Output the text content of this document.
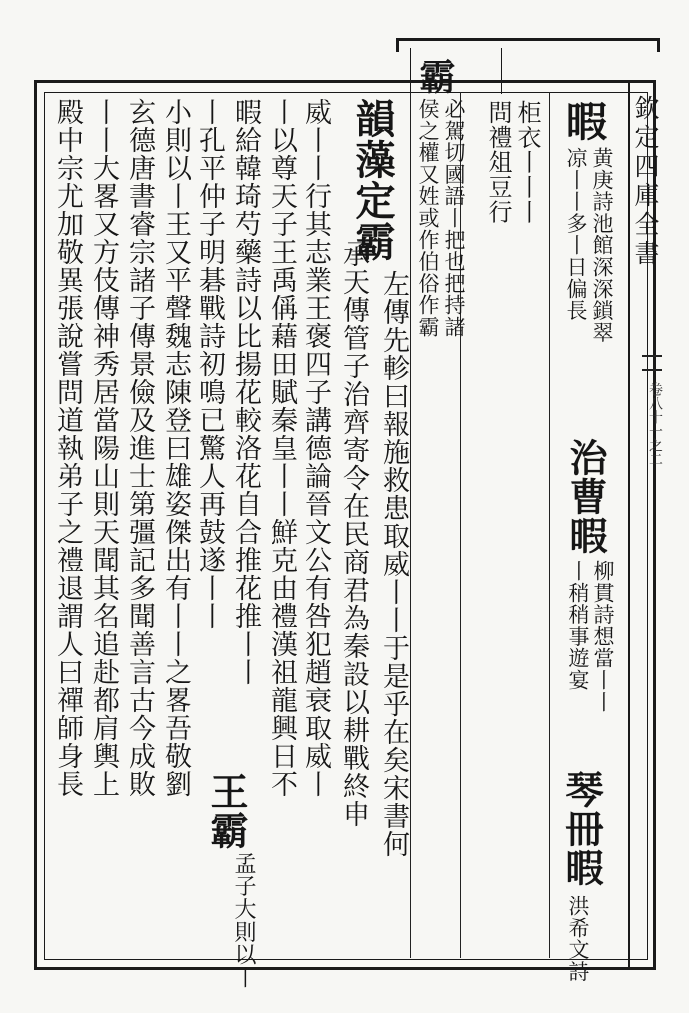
欽定四庫全書
卷八十一之二
暇
凉丨丨多丨日偏長 黄庚詩池館深深鎖翠
治曹暇
丨稍稍事遊宴 柳貫詩想當丨丨
琴冊暇
洪希文詩
柜衣丨丨丨
問禮俎豆行
霸
必駕切國語丨把也把持諸
侯之權又姓或作伯俗作霸
韻藻定霸
左傳先軫曰報施救患取威丨丨于是乎在矣宋書何
承天傳管子治齊寄令在民商君為秦設以耕戰終申
威丨丨行其志業王褒四子講德論晉文公有咎犯趙衰取威丨
丨以尊天子王禹偁藉田賦秦皇丨丨鮮克由禮漢祖龍興日不
暇給韓琦芍藥詩以比揚花較洛花自合推花推丨丨
丨孔平仲子明碁戰詩初鳴已驚人再鼓遂丨丨
王霸
孟子大則以丨
小則以丨王又平聲魏志陳登曰雄姿傑出有丨丨之畧吾敬劉
玄德唐書睿宗諸子傳景儉及進士第彊記多聞善言古今成敗
丨丨大畧又方伎傳神秀居當陽山則天聞其名追赴都肩輿上
殿中宗尤加敬異張說嘗問道執弟子之禮退謂人曰禪師身長
